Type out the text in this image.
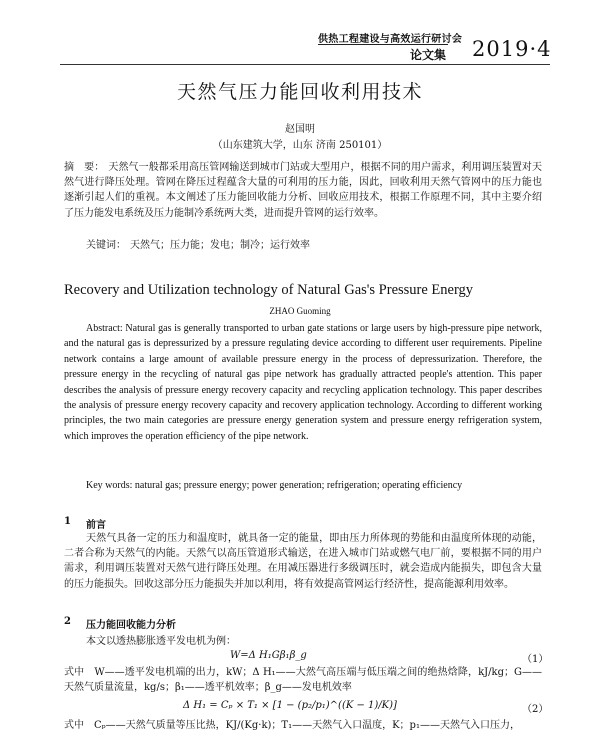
供热工程建设与高效运行研讨会
论文集 2019·4
天然气压力能回收利用技术
赵国明
（山东建筑大学，山东 济南 250101）
摘　要： 天然气一般都采用高压管网输送到城市门站或大型用户，根据不同的用户需求，利用调压装置对天然气进行降压处理。管网在降压过程蕴含大量的可利用的压力能，因此，回收利用天然气管网中的压力能也逐渐引起人们的重视。本文阐述了压力能回收能力分析、回收应用技术，根据工作原理不同，其中主要介绍了压力能发电系统及压力能制冷系统两大类，进而提升管网的运行效率。
关键词： 天然气；压力能；发电；制冷；运行效率
Recovery and Utilization technology of Natural Gas's Pressure Energy
ZHAO Guoming
Abstract: Natural gas is generally transported to urban gate stations or large users by high-pressure pipe network, and the natural gas is depressurized by a pressure regulating device according to different user requirements. Pipeline network contains a large amount of available pressure energy in the process of depressurization. Therefore, the pressure energy in the recycling of natural gas pipe network has gradually attracted people's attention. This paper describes the analysis of pressure energy recovery capacity and recycling application technology. This paper describes the analysis of pressure energy recovery capacity and recovery application technology. According to different working principles, the two main categories are pressure energy generation system and pressure energy refrigeration system, which improves the operation efficiency of the pipe network.
Key words: natural gas; pressure energy; power generation; refrigeration; operating efficiency
1 前言
天然气具备一定的压力和温度时，就具备一定的能量，即由压力所体现的势能和由温度所体现的动能，二者合称为天然气的内能。天然气以高压管道形式输送，在进入城市门站或燃气电厂前，要根据不同的用户需求，利用调压装置对天然气进行降压处理。在用减压器进行多级调压时，就会造成内能损失，即包含大量的压力能损失。回收这部分压力能损失并加以利用，将有效提高管网运行经济性，提高能源利用效率。
2 压力能回收能力分析
本文以透热膨胀透平发电机为例：
W=Δ H₁Gβ₁β_g	（1）
式中　W——透平发电机端的出力，kW；Δ H₁——大然气高压端与低压端之间的绝热焓降，kJ/kg；G——天然气质量流量，kg/s；β₁——透平机效率；β_g——发电机效率
Δ H₁ = Cₚ × T₁ × [1 − (p₂/p₁)^((K − 1)/K)]	（2）
式中　Cₚ——天然气质量等压比热，KJ/(Kg·k)；T₁——天然气入口温度，K；p₁——天然气入口压力，
